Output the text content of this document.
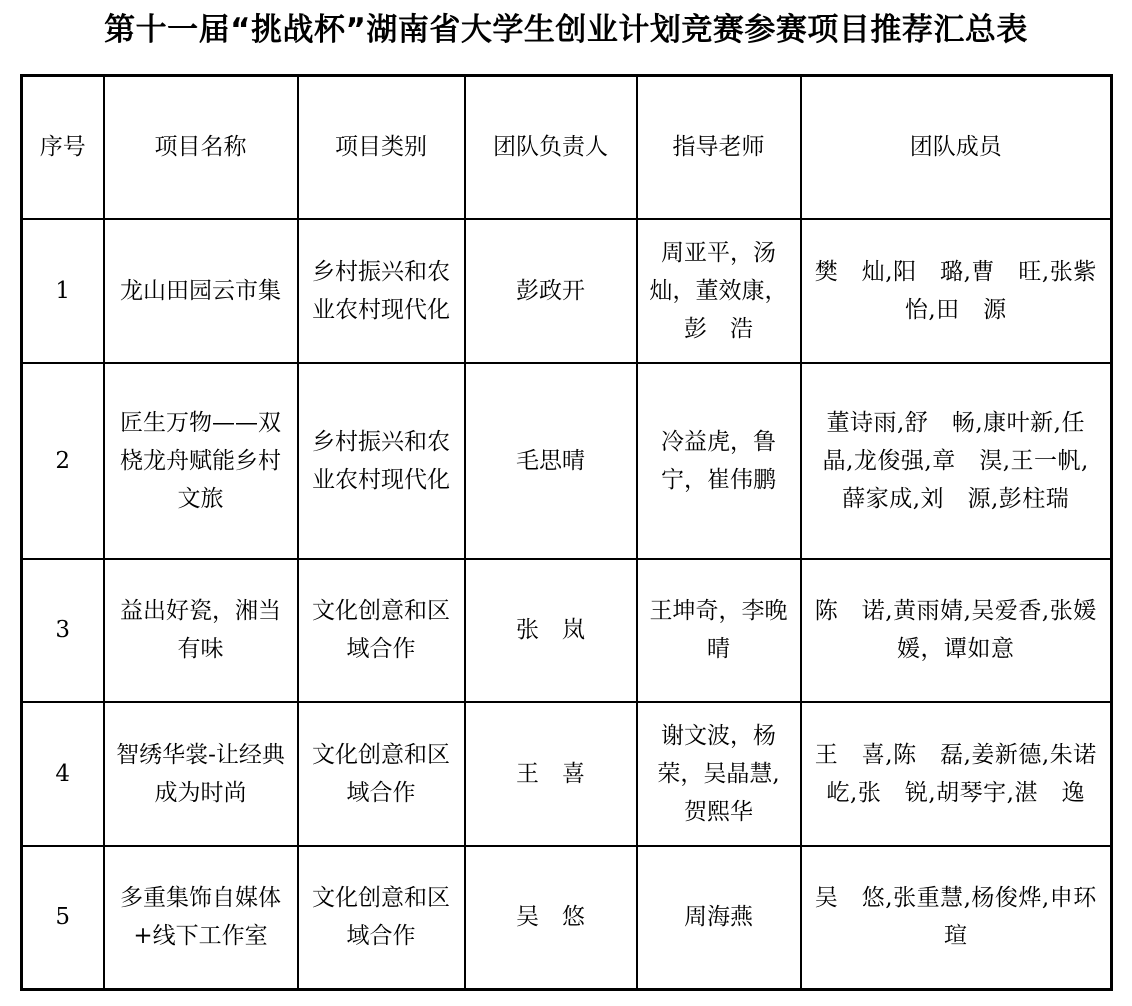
第十一届“挑战杯”湖南省大学生创业计划竞赛参赛项目推荐汇总表
序号	项目名称	项目类别	团队负责人	指导老师	团队成员
1	龙山田园云市集	乡村振兴和农业农村现代化	彭政开	周亚平，汤灿，董效康，彭　浩	樊　灿,阳　璐,曹　旺,张紫怡,田　源
2	匠生万物——双桡龙舟赋能乡村文旅	乡村振兴和农业农村现代化	毛思晴	冷益虎，鲁宁，崔伟鹏	董诗雨,舒　畅,康叶新,任　晶,龙俊强,章　淏,王一帆,薛家成,刘　源,彭柱瑞
3	益出好瓷，湘当有味	文化创意和区域合作	张　岚	王坤奇，李晚晴	陈　诺,黄雨婧,吴爱香,张媛媛，谭如意
4	智绣华裳-让经典成为时尚	文化创意和区域合作	王　喜	谢文波，杨荣，吴晶慧,贺熙华	王　喜,陈　磊,姜新德,朱诺屹,张　锐,胡琴宇,湛　逸
5	多重集饰自媒体+线下工作室	文化创意和区域合作	吴　悠	周海燕	吴　悠,张重慧,杨俊烨,申环瑄
